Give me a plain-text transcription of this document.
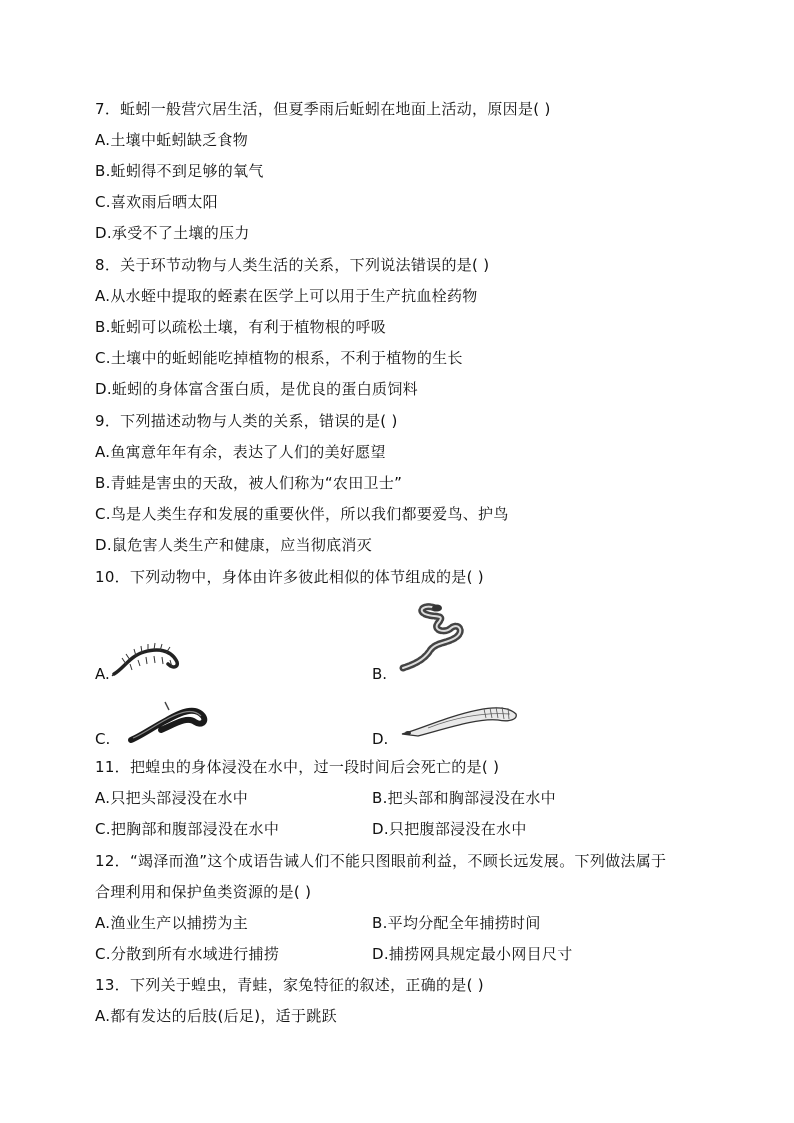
7．蚯蚓一般营穴居生活，但夏季雨后蚯蚓在地面上活动，原因是( )
A.土壤中蚯蚓缺乏食物
B.蚯蚓得不到足够的氧气
C.喜欢雨后晒太阳
D.承受不了土壤的压力
8．关于环节动物与人类生活的关系，下列说法错误的是( )
A.从水蛭中提取的蛭素在医学上可以用于生产抗血栓药物
B.蚯蚓可以疏松土壤，有利于植物根的呼吸
C.土壤中的蚯蚓能吃掉植物的根系，不利于植物的生长
D.蚯蚓的身体富含蛋白质，是优良的蛋白质饲料
9．下列描述动物与人类的关系，错误的是( )
A.鱼寓意年年有余，表达了人们的美好愿望
B.青蛙是害虫的天敌，被人们称为“农田卫士”
C.鸟是人类生存和发展的重要伙伴，所以我们都要爱鸟、护鸟
D.鼠危害人类生产和健康，应当彻底消灭
10．下列动物中，身体由许多彼此相似的体节组成的是( )
A.	B.
C.	D.
11．把蝗虫的身体浸没在水中，过一段时间后会死亡的是( )
A.只把头部浸没在水中	B.把头部和胸部浸没在水中
C.把胸部和腹部浸没在水中	D.只把腹部浸没在水中
12．“竭泽而渔”这个成语告诫人们不能只图眼前利益，不顾长远发展。下列做法属于
合理利用和保护鱼类资源的是( )
A.渔业生产以捕捞为主	B.平均分配全年捕捞时间
C.分散到所有水域进行捕捞	D.捕捞网具规定最小网目尺寸
13．下列关于蝗虫，青蛙，家兔特征的叙述，正确的是( )
A.都有发达的后肢(后足)，适于跳跃
